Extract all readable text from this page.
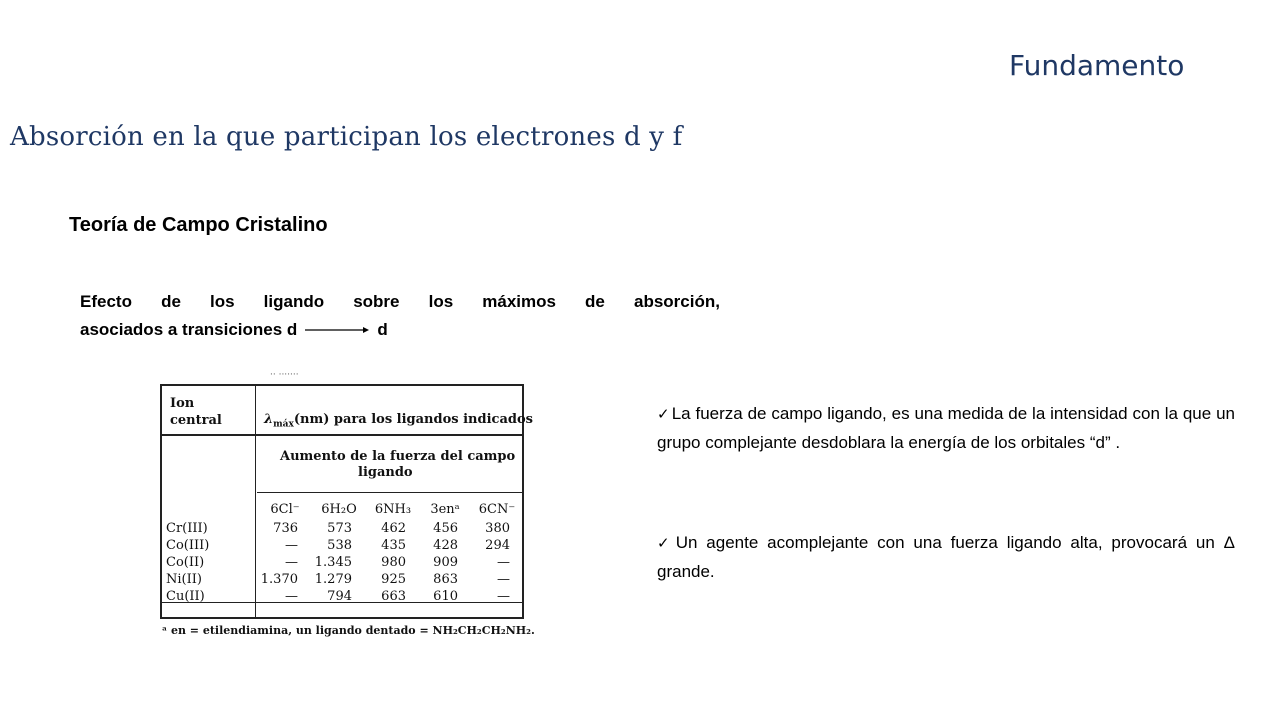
Fundamento
Absorción en la que participan los electrones d y f
Teoría de Campo Cristalino
Efecto de los ligando sobre los máximos de absorción,
asociados a transiciones d	d
·· ·······
Ion
central	$\lambda_{máx}(nm)$ para los ligandos indicados
Aumento de la fuerza del campo
ligando
6Cl⁻	6H₂O	6NH₃	3enᵃ	6CN⁻
Cr(III)	736	573	462	456	380
Co(III)	—	538	435	428	294
Co(II)	—	1.345	980	909	—
Ni(II)	1.370	1.279	925	863	—
Cu(II)	—	794	663	610	—
ᵃ en = etilendiamina, un ligando dentado = NH₂CH₂CH₂NH₂.
✓ La fuerza de campo ligando, es una medida de la intensidad con la que un grupo complejante desdoblara la energía de los orbitales “d” .
✓ Un agente acomplejante con una fuerza ligando alta, provocará un Δ grande.
